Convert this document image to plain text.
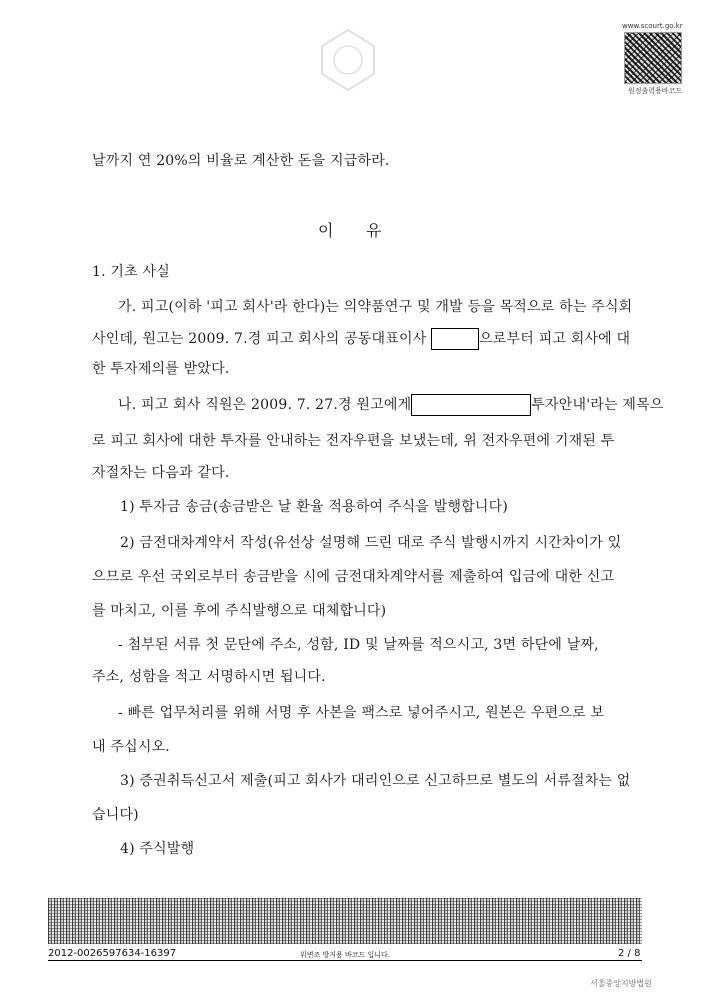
www.scourt.go.kr
원정출력용바코드
날까지 연 20%의 비율로 계산한 돈을 지급하라.
이　　유
1. 기초 사실
가. 피고(이하 '피고 회사'라 한다)는 의약품연구 및 개발 등을 목적으로 하는 주식회
사인데, 원고는 2009. 7.경 피고 회사의 공동대표이사	으로부터 피고 회사에 대
한 투자제의를 받았다.
나. 피고 회사 직원은 2009. 7. 27.경 원고에게	투자안내'라는 제목으
로 피고 회사에 대한 투자를 안내하는 전자우편을 보냈는데, 위 전자우편에 기재된 투
자절차는 다음과 같다.
1) 투자금 송금(송금받은 날 환율 적용하여 주식을 발행합니다)
2) 금전대차계약서 작성(유선상 설명해 드린 대로 주식 발행시까지 시간차이가 있
으므로 우선 국외로부터 송금받을 시에 금전대차계약서를 제출하여 입금에 대한 신고
를 마치고, 이를 후에 주식발행으로 대체합니다)
- 첨부된 서류 첫 문단에 주소, 성함, ID 및 날짜를 적으시고, 3면 하단에 날짜,
주소, 성함을 적고 서명하시면 됩니다.
- 빠른 업무처리를 위해 서명 후 사본을 팩스로 넣어주시고, 원본은 우편으로 보
내 주십시오.
3) 증권취득신고서 제출(피고 회사가 대리인으로 신고하므로 별도의 서류절차는 없
습니다)
4) 주식발행
2012-0026597634-16397	위변조 방지용 바코드 입니다.	2 / 8
서울중앙지방법원
